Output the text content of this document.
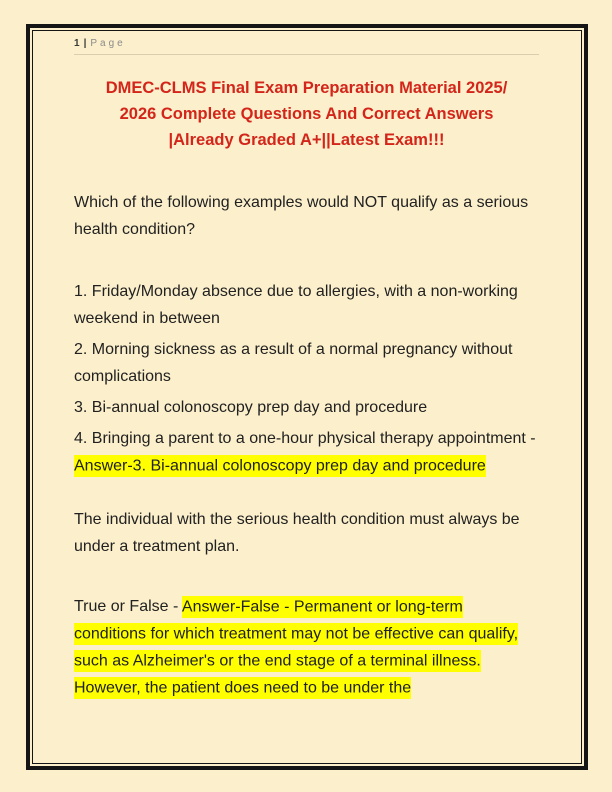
1 | Page
DMEC-CLMS Final Exam Preparation Material 2025/
2026 Complete Questions And Correct Answers
|Already Graded A+||Latest Exam!!!

Which of the following examples would NOT qualify as a serious health condition?

1. Friday/Monday absence due to allergies, with a non-working weekend in between

2. Morning sickness as a result of a normal pregnancy without complications

3. Bi-annual colonoscopy prep day and procedure

4. Bringing a parent to a one-hour physical therapy appointment - Answer-3. Bi-annual colonoscopy prep day and procedure

The individual with the serious health condition must always be under a treatment plan.

True or False - Answer-False - Permanent or long-term conditions for which treatment may not be effective can qualify, such as Alzheimer's or the end stage of a terminal illness. However, the patient does need to be under the
